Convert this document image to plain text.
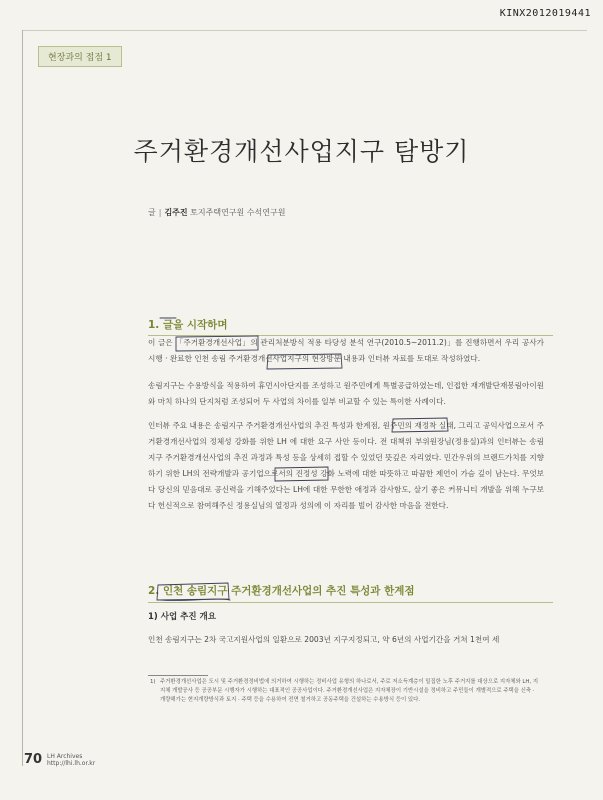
KINX2012019441
현장과의 접점 1
주거환경개선사업지구 탐방기
글 | 김주진 토지주택연구원 수석연구원
1. 글을 시작하며

이 글은 「주거환경개선사업」의 관리처분방식 적용 타당성 분석 연구(2010.5~2011.2)」를 진행하면서 우리 공사가 시행 · 완료한 인천 송림 주거환경개선사업지구의 현장방문 내용과 인터뷰 자료를 토대로 작성하였다.

송림지구는 수용방식을 적용하여 휴먼시아단지를 조성하고 원주민에게 특별공급하였는데, 인접한 재개발단재봉림아이원와 마치 하나의 단지처럼 조성되어 두 사업의 차이를 일부 비교할 수 있는 특이한 사례이다.

인터뷰 주요 내용은 송림지구 주거환경개선사업의 추진 특성과 한계점, 원주민의 재정착 실태, 그리고 공익사업으로서 주거환경개선사업의 정체성 강화를 위한 LH 에 대한 요구 사안 등이다. 전 대책위 부위원장님(정용실)과의 인터뷰는 송림지구 주거환경개선사업의 추진 과정과 특성 등을 상세히 접할 수 있었던 뜻깊은 자리였다. 민간우위의 브랜드가치를 지향하기 위한 LH의 전략개발과 공기업으로서의 진정성 강화 노력에 대한 따뜻하고 따끔한 제언이 가슴 깊이 남는다. 무엇보다 당신의 믿음대로 공신력을 기해주었다는 LH에 대한 무한한 애정과 감사함도, 살기 좋은 커뮤니티 개발을 위해 누구보다 헌신적으로 참여해주신 정용실님의 열정과 성의에 이 자리를 빌어 감사한 마음을 전한다.

2. 인천 송림지구 주거환경개선사업의 추진 특성과 한계점
1) 사업 추진 개요

인천 송림지구는 2차 국고지원사업의 일환으로 2003년 지구지정되고, 약 6년의 사업기간을 거쳐 1천여 세

1) 주거환경개선사업은 도시 및 주거환경정비법에 의거하여 시행하는 정비사업 유형의 하나로서, 주로 저소득계층이 밀집한 노후 주거지를 대상으로 지자체와 LH, 지지체 개발공사 등 공공부문 시행자가 시행하는 대표적인 공공사업이다. 주거환경개선사업은 지자체장이 기반시설을 정비하고 주민들이 개별적으로 주택을 신축 · 개량해가는 현지개량방식과 토지 · 주택 등을 수용하여 전면 철거하고 공동주택을 건설하는 수용방식 등이 있다.
70 LH Archives
http://lhi.lh.or.kr
